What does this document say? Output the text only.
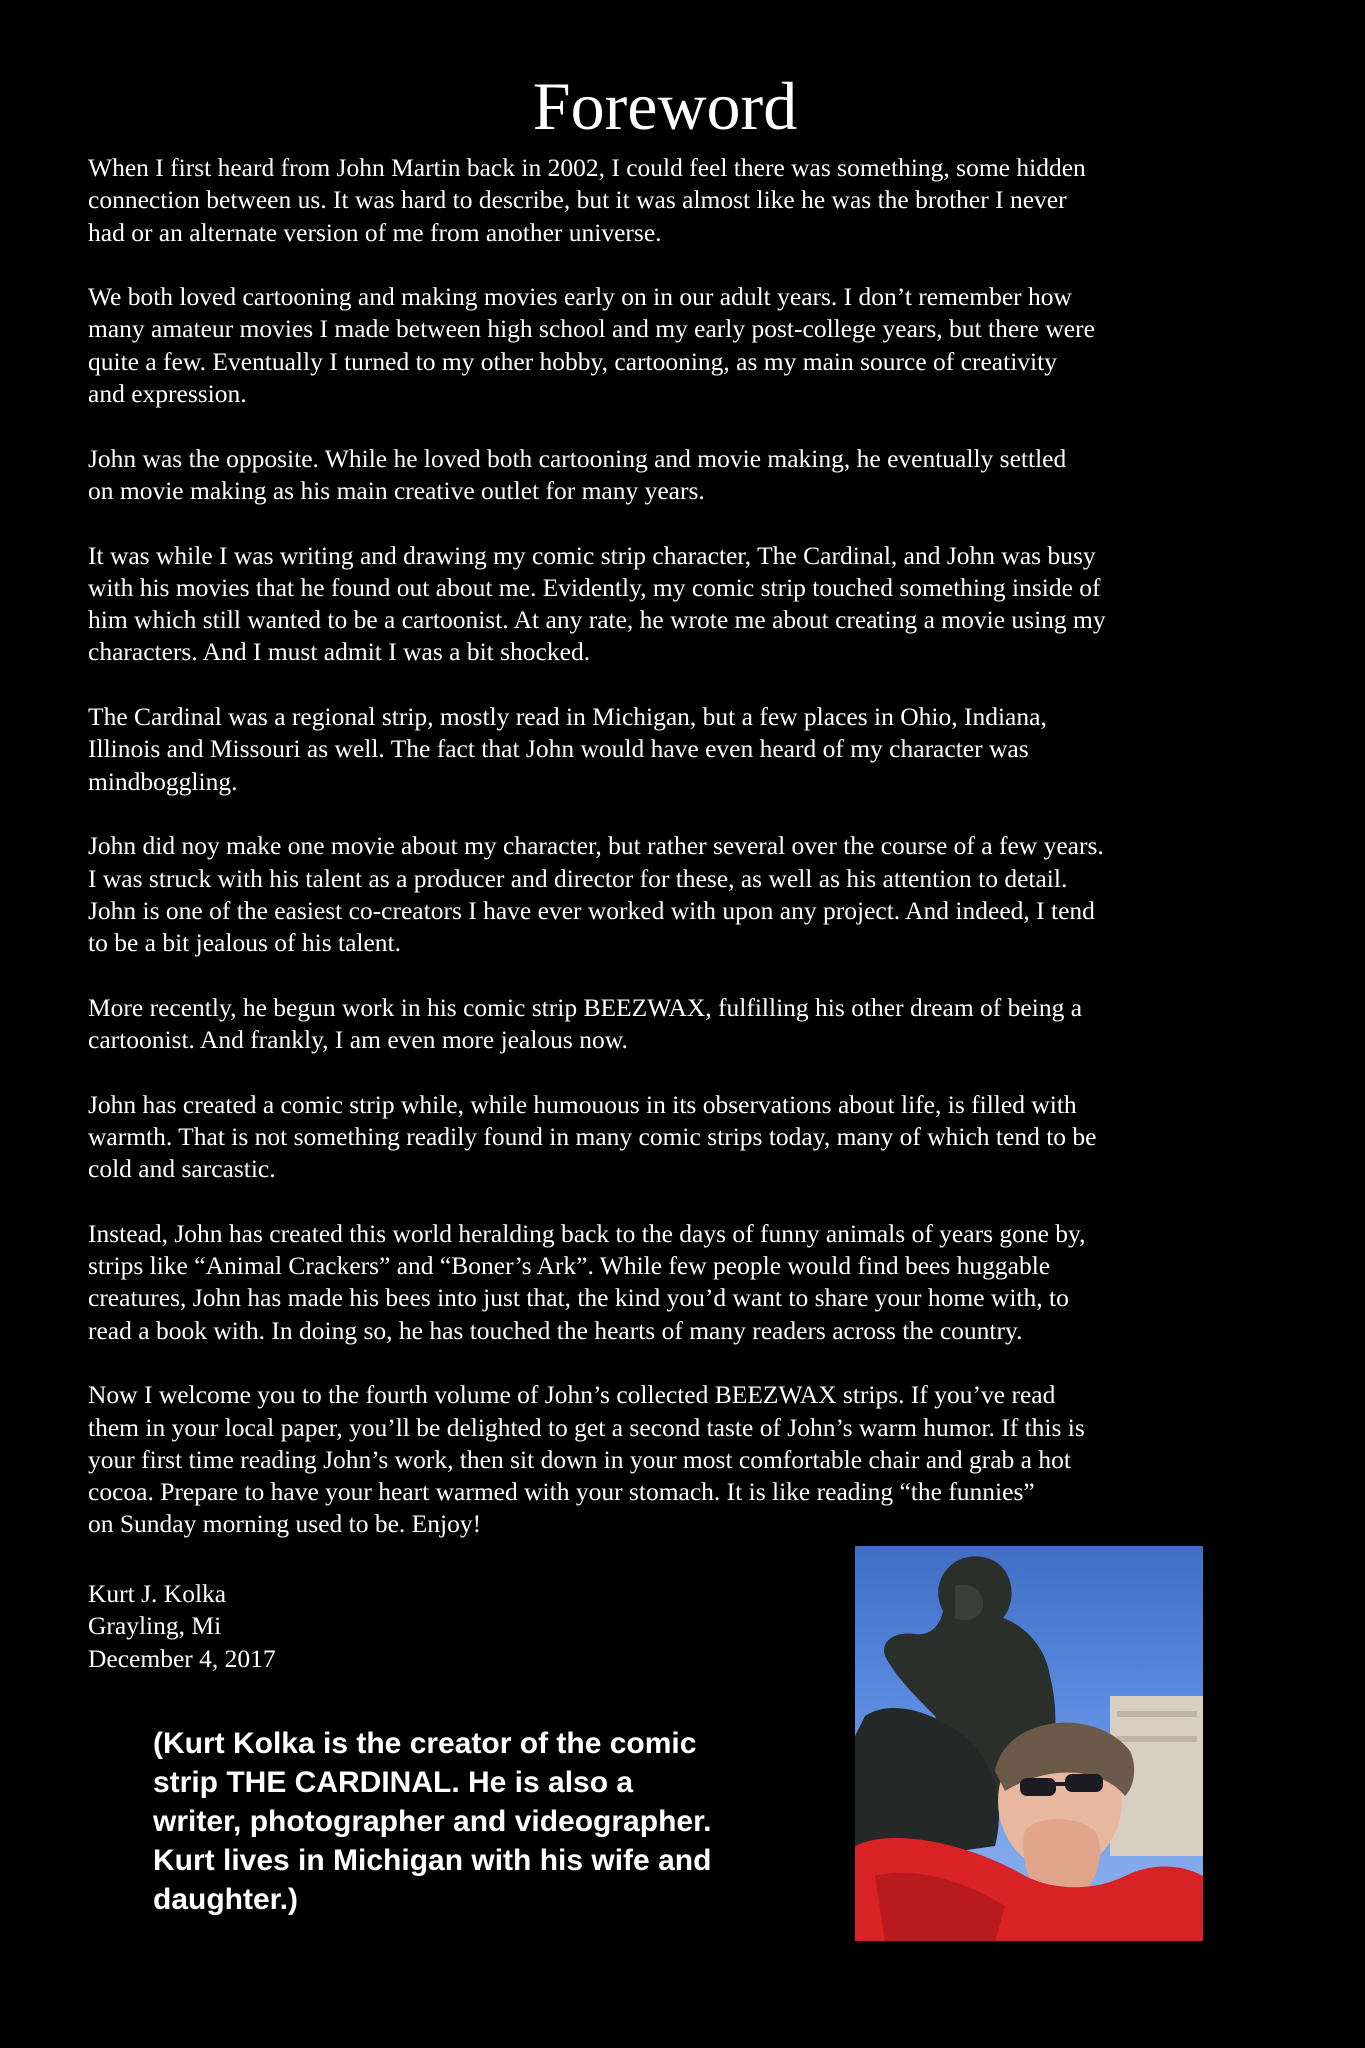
Foreword

When I first heard from John Martin back in 2002, I could feel there was something, some hidden
connection between us. It was hard to describe, but it was almost like he was the brother I never
had or an alternate version of me from another universe.

We both loved cartooning and making movies early on in our adult years. I don’t remember how
many amateur movies I made between high school and my early post-college years, but there were
quite a few. Eventually I turned to my other hobby, cartooning, as my main source of creativity
and expression.

John was the opposite. While he loved both cartooning and movie making, he eventually settled
on movie making as his main creative outlet for many years.

It was while I was writing and drawing my comic strip character, The Cardinal, and John was busy
with his movies that he found out about me. Evidently, my comic strip touched something inside of
him which still wanted to be a cartoonist. At any rate, he wrote me about creating a movie using my
characters. And I must admit I was a bit shocked.

The Cardinal was a regional strip, mostly read in Michigan, but a few places in Ohio, Indiana,
Illinois and Missouri as well. The fact that John would have even heard of my character was
mindboggling.

John did noy make one movie about my character, but rather several over the course of a few years.
I was struck with his talent as a producer and director for these, as well as his attention to detail.
John is one of the easiest co-creators I have ever worked with upon any project. And indeed, I tend
to be a bit jealous of his talent.

More recently, he begun work in his comic strip BEEZWAX, fulfilling his other dream of being a
cartoonist. And frankly, I am even more jealous now.

John has created a comic strip while, while humouous in its observations about life, is filled with
warmth. That is not something readily found in many comic strips today, many of which tend to be
cold and sarcastic.

Instead, John has created this world heralding back to the days of funny animals of years gone by,
strips like “Animal Crackers” and “Boner’s Ark”. While few people would find bees huggable
creatures, John has made his bees into just that, the kind you’d want to share your home with, to
read a book with. In doing so, he has touched the hearts of many readers across the country.

Now I welcome you to the fourth volume of John’s collected BEEZWAX strips. If you’ve read
them in your local paper, you’ll be delighted to get a second taste of John’s warm humor. If this is
your first time reading John’s work, then sit down in your most comfortable chair and grab a hot
cocoa. Prepare to have your heart warmed with your stomach. It is like reading “the funnies”
on Sunday morning used to be. Enjoy!

Kurt J. Kolka
Grayling, Mi
December 4, 2017
(Kurt Kolka is the creator of the comic
strip THE CARDINAL. He is also a
writer, photographer and videographer.
Kurt lives in Michigan with his wife and
daughter.)
